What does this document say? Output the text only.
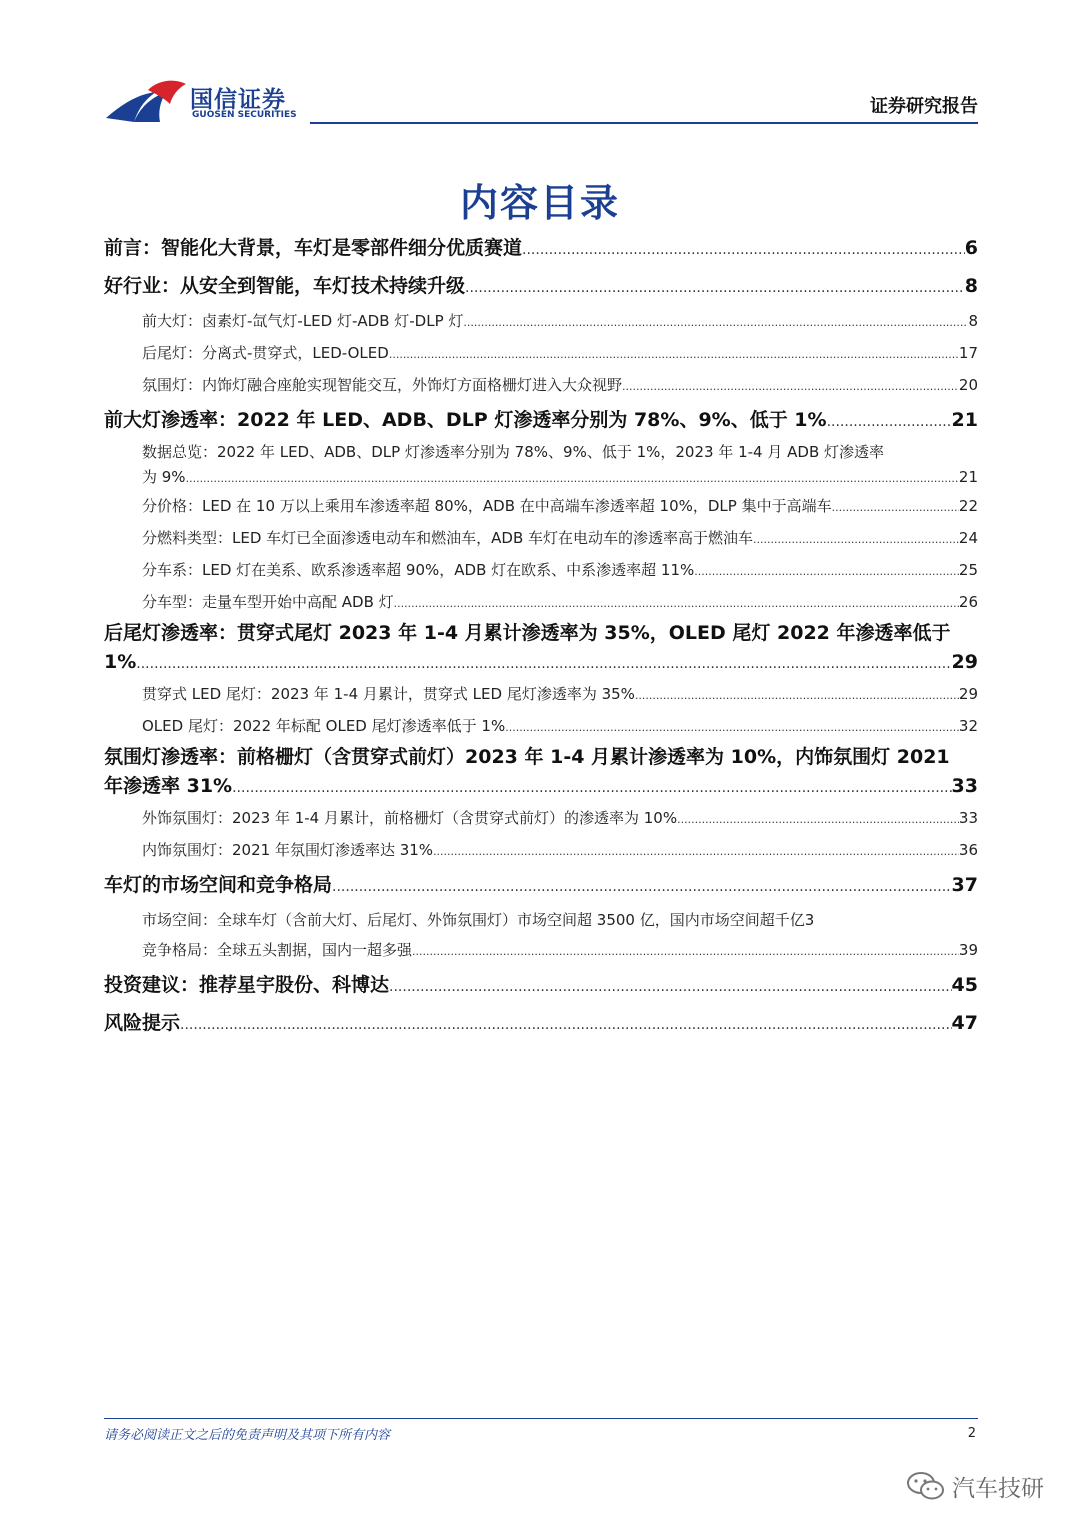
国信证券
GUOSEN SECURITIES	证券研究报告
内容目录
前言：智能化大背景，车灯是零部件细分优质赛道 .....	6
好行业：从安全到智能，车灯技术持续升级 .....	8
前大灯：卤素灯-氙气灯-LED 灯-ADB 灯-DLP 灯 .....	8
后尾灯：分离式-贯穿式，LED-OLED .....	17
氛围灯：内饰灯融合座舱实现智能交互，外饰灯方面格栅灯进入大众视野 .....	20
前大灯渗透率：2022 年 LED、ADB、DLP 灯渗透率分别为 78%、9%、低于 1% .....	21
数据总览：2022 年 LED、ADB、DLP 灯渗透率分别为 78%、9%、低于 1%，2023 年 1-4 月 ADB 灯渗透率
为 9% .....	21
分价格：LED 在 10 万以上乘用车渗透率超 80%，ADB 在中高端车渗透率超 10%，DLP 集中于高端车 .....	22
分燃料类型：LED 车灯已全面渗透电动车和燃油车，ADB 车灯在电动车的渗透率高于燃油车 .....	24
分车系：LED 灯在美系、欧系渗透率超 90%，ADB 灯在欧系、中系渗透率超 11% .....	25
分车型：走量车型开始中高配 ADB 灯 .....	26
后尾灯渗透率：贯穿式尾灯 2023 年 1-4 月累计渗透率为 35%，OLED 尾灯 2022 年渗透率低于
1% .....	29
贯穿式 LED 尾灯：2023 年 1-4 月累计，贯穿式 LED 尾灯渗透率为 35% .....	29
OLED 尾灯：2022 年标配 OLED 尾灯渗透率低于 1% .....	32
氛围灯渗透率：前格栅灯（含贯穿式前灯）2023 年 1-4 月累计渗透率为 10%，内饰氛围灯 2021
年渗透率 31% .....	33
外饰氛围灯：2023 年 1-4 月累计，前格栅灯（含贯穿式前灯）的渗透率为 10% .....	33
内饰氛围灯：2021 年氛围灯渗透率达 31% .....	36
车灯的市场空间和竞争格局 .....	37
市场空间：全球车灯（含前大灯、后尾灯、外饰氛围灯）市场空间超 3500 亿，国内市场空间超千亿3
竞争格局：全球五头割据，国内一超多强 .....	39
投资建议：推荐星宇股份、科博达 .....	45
风险提示 .....	47
请务必阅读正文之后的免责声明及其项下所有内容	2
汽车技研
